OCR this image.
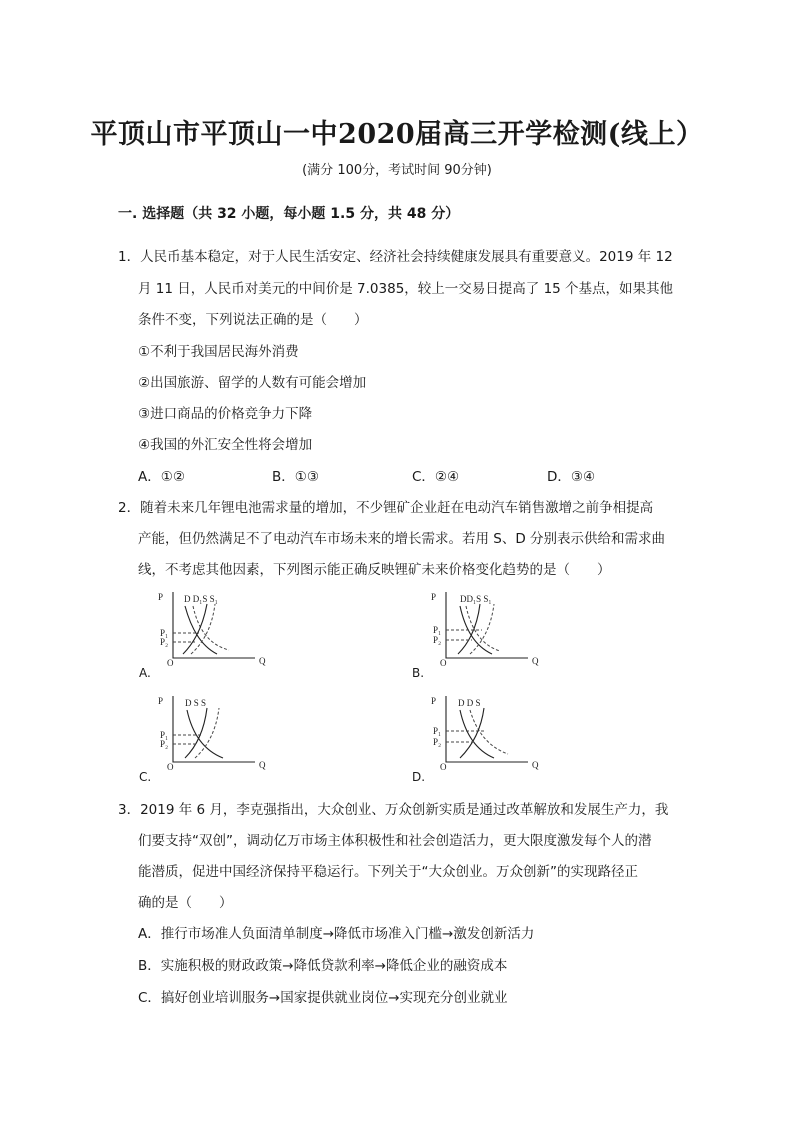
平顶山市平顶山一中2020届高三开学检测(线上）
(满分 100分，考试时间 90分钟)
一. 选择题（共 32 小题，每小题 1.5 分，共 48 分）
1．人民币基本稳定，对于人民生活安定、经济社会持续健康发展具有重要意义。2019 年 12
月 11 日，人民币对美元的中间价是 7.0385，较上一交易日提高了 15 个基点，如果其他
条件不变，下列说法正确的是（　　）
①不利于我国居民海外消费
②出国旅游、留学的人数有可能会增加
③进口商品的价格竞争力下降
④我国的外汇安全性将会增加
A．①②	B．①③	C．②④	D．③④
2．随着未来几年锂电池需求量的增加，不少锂矿企业赶在电动汽车销售激增之前争相提高
产能，但仍然满足不了电动汽车市场未来的增长需求。若用 S、D 分别表示供给和需求曲
线，不考虑其他因素，下列图示能正确反映锂矿未来价格变化趋势的是（　　）
P D D₁S S₁
P₁
P₂
O	Q
A.
P	DD₁S S₁
P₁
P₂
O	Q
B.
P D S S
P₁
P₂
O	Q
C.
P D D S
P₁
P₂
O	Q
D.
3．2019 年 6 月，李克强指出，大众创业、万众创新实质是通过改革解放和发展生产力，我
们要支持“双创”，调动亿万市场主体积极性和社会创造活力，更大限度激发每个人的潜
能潜质，促进中国经济保持平稳运行。下列关于“大众创业。万众创新”的实现路径正
确的是（　　）
A．推行市场准人负面清单制度→降低市场准入门槛→激发创新活力
B．实施积极的财政政策→降低贷款利率→降低企业的融资成本
C．搞好创业培训服务→国家提供就业岗位→实现充分创业就业
